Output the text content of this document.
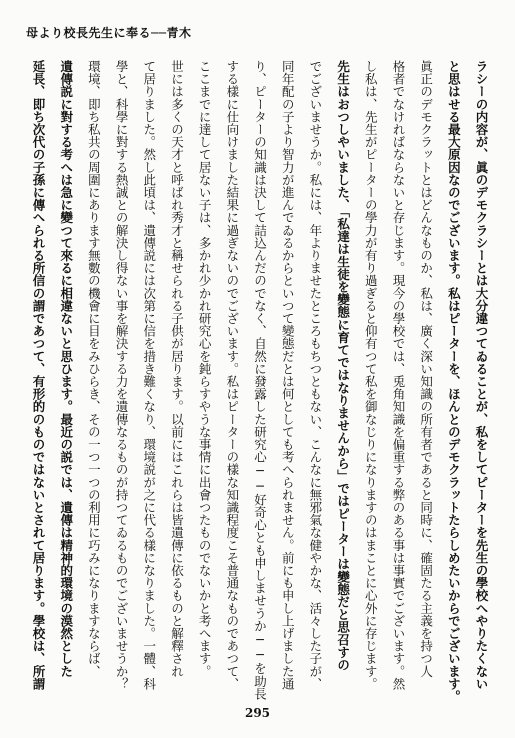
母より校長先生に奉る──青木
ラシーの内容が、眞のデモクラシーとは大分違つてゐることが、私をしてピーターを先生の學校へやりたくない
と思はせる最大原因なのでございます。私はピーターを、ほんとのデモクラットたらしめたいからでございます。
眞正のデモクラットとはどんなものか、私は、廣く深い知識の所有者であると同時に、確固たる主義を持つ人
格者でなければならないと存じます。現今の學校では、兎角知識を偏重する弊のある事は事實でございます。然
し私は、先生がピーターの學力が有り過ぎると仰有つて私を御なじりになりますのはまことに心外に存じます。
先生はおつしやいました、「私達は生徒を變態に育てではなりませんから」ではピーターは變態だと思召すの
でございませうか。私には、年よりませたところもちつともない、こんなに無邪氣な健やかな、活々した子が、
同年配の子より智力が進んでゐるからといつて變態だとは何としても考へられません。前にも申し上げました通
り、ピーターの知識は決して詰込んだのでなく、自然に發露した研究心──好奇心とも申しませうか──を助長
する樣に仕向けました結果に過ぎないのでございます。私はピーターの樣な知識程度こそ普通なものであつて、
ここまでに達して居ない子は、多かれ少かれ研究心を鈍らすやうな事情に出會つたものでないかと考へます。
世には多くの天才と呼ばれ秀才と稱せられる子供が居ります。以前にはこれらは皆遺傳に依るものと解釋され
て居りました。然し此頃は、遺傳説には次第に信を措き難くなり、環境説が之に代る樣になりました。一體、科
學と、科學に對する熱誠との解決し得ない事を解決する力を遺傳なるものが持つてゐるものでございませうか？
環境、即ち私共の周圍にあります無數の機會に目をみひらき、その一つ一つの利用に巧みになりますならば、
遺傳説に對する考へは急に變つて來るに相違ないと思ひます。最近の説では、遺傳は精神的環境の漠然とした
延長、即ち次代の子孫に傳へられる所信の謂であつて、有形的のものではないとされて居ります。學校は、所謂
295
